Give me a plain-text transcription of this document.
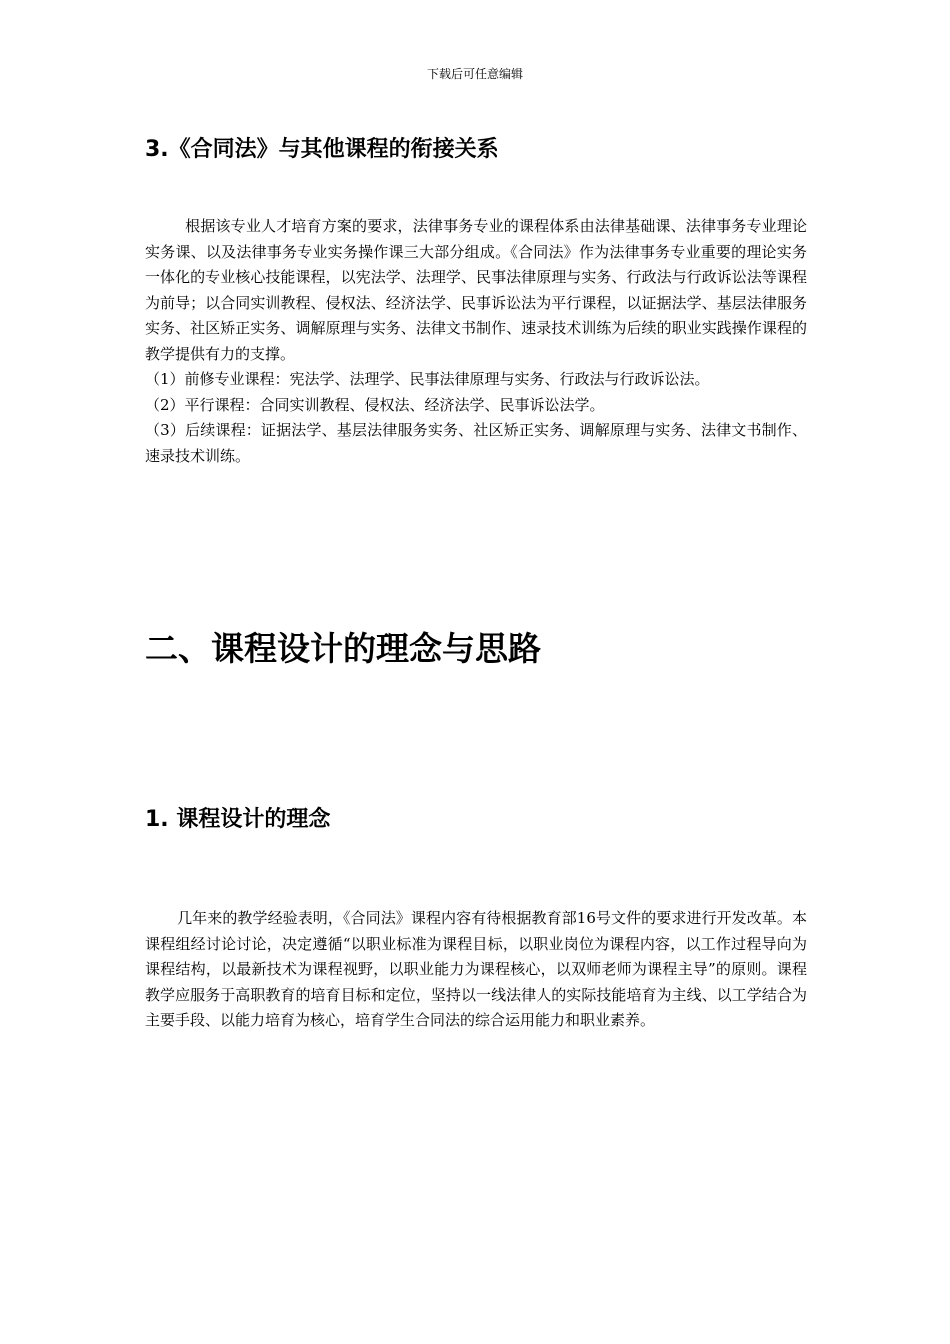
下载后可任意编辑
3.《合同法》与其他课程的衔接关系

根据该专业人才培育方案的要求，法律事务专业的课程体系由法律基础课、法律事务专业理论实务课、以及法律事务专业实务操作课三大部分组成。《合同法》作为法律事务专业重要的理论实务一体化的专业核心技能课程，以宪法学、法理学、民事法律原理与实务、行政法与行政诉讼法等课程为前导；以合同实训教程、侵权法、经济法学、民事诉讼法为平行课程，以证据法学、基层法律服务实务、社区矫正实务、调解原理与实务、法律文书制作、速录技术训练为后续的职业实践操作课程的教学提供有力的支撑。

（1）前修专业课程：宪法学、法理学、民事法律原理与实务、行政法与行政诉讼法。

（2）平行课程：合同实训教程、侵权法、经济法学、民事诉讼法学。

（3）后续课程：证据法学、基层法律服务实务、社区矫正实务、调解原理与实务、法律文书制作、速录技术训练。

二、课程设计的理念与思路
1. 课程设计的理念

几年来的教学经验表明，《合同法》课程内容有待根据教育部16号文件的要求进行开发改革。本课程组经讨论讨论，决定遵循“以职业标准为课程目标，以职业岗位为课程内容，以工作过程导向为课程结构，以最新技术为课程视野，以职业能力为课程核心，以双师老师为课程主导”的原则。课程教学应服务于高职教育的培育目标和定位，坚持以一线法律人的实际技能培育为主线、以工学结合为主要手段、以能力培育为核心，培育学生合同法的综合运用能力和职业素养。
